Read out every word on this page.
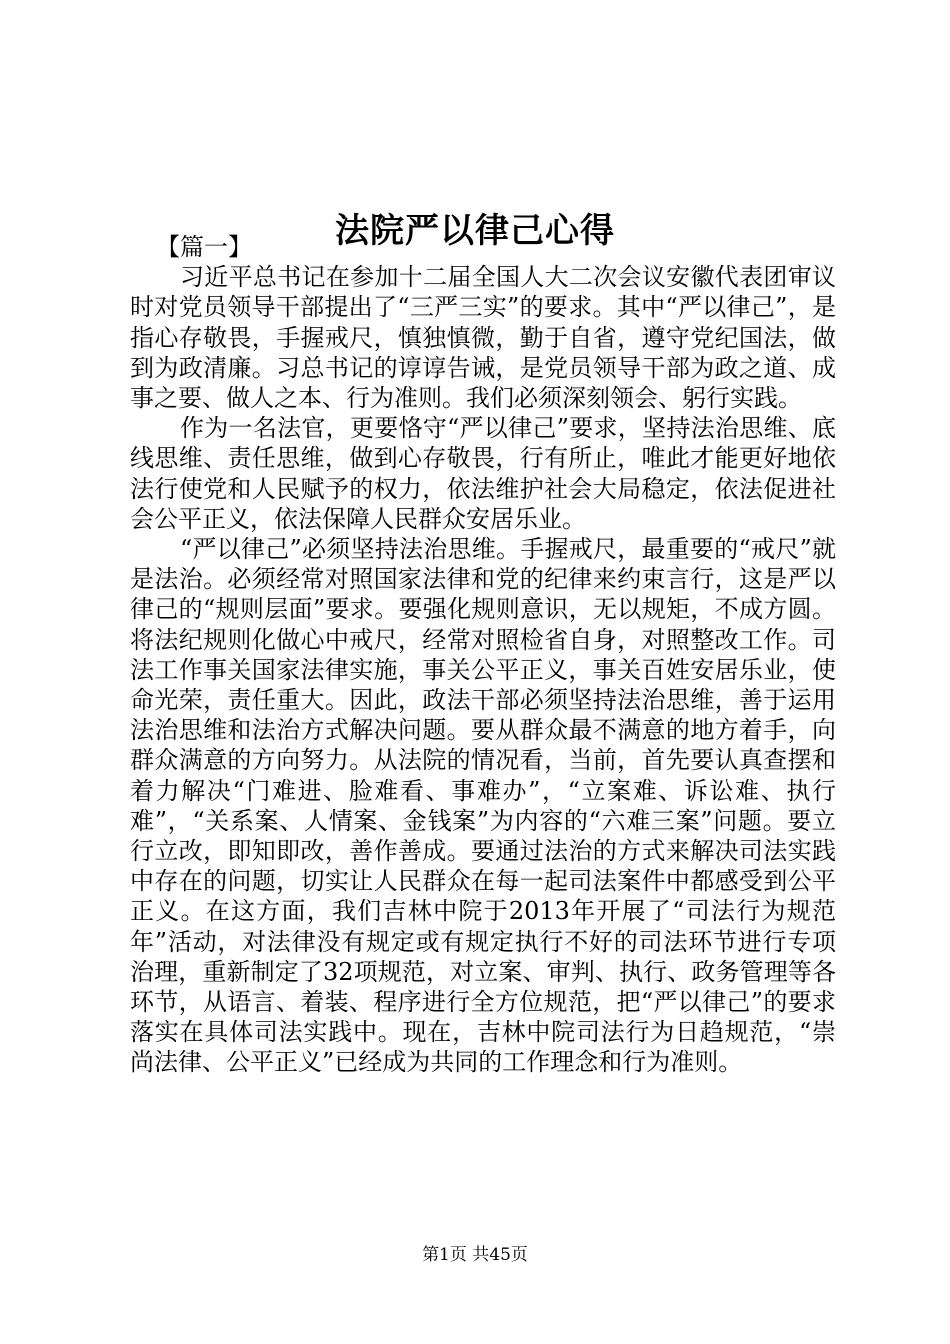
法院严以律己心得

【篇一】

习近平总书记在参加十二届全国人大二次会议安徽代表团审议时对党员领导干部提出了“三严三实”的要求。其中“严以律己”，是指心存敬畏，手握戒尺，慎独慎微，勤于自省，遵守党纪国法，做到为政清廉。习总书记的谆谆告诫，是党员领导干部为政之道、成事之要、做人之本、行为准则。我们必须深刻领会、躬行实践。

作为一名法官，更要恪守“严以律己”要求，坚持法治思维、底线思维、责任思维，做到心存敬畏，行有所止，唯此才能更好地依法行使党和人民赋予的权力，依法维护社会大局稳定，依法促进社会公平正义，依法保障人民群众安居乐业。

“严以律己”必须坚持法治思维。手握戒尺，最重要的“戒尺”就是法治。必须经常对照国家法律和党的纪律来约束言行，这是严以律己的“规则层面”要求。要强化规则意识，无以规矩，不成方圆。将法纪规则化做心中戒尺，经常对照检省自身，对照整改工作。司法工作事关国家法律实施，事关公平正义，事关百姓安居乐业，使命光荣，责任重大。因此，政法干部必须坚持法治思维，善于运用法治思维和法治方式解决问题。要从群众最不满意的地方着手，向群众满意的方向努力。从法院的情况看，当前，首先要认真查摆和着力解决“门难进、脸难看、事难办”，“立案难、诉讼难、执行难”，“关系案、人情案、金钱案”为内容的“六难三案”问题。要立行立改，即知即改，善作善成。要通过法治的方式来解决司法实践中存在的问题，切实让人民群众在每一起司法案件中都感受到公平正义。在这方面，我们吉林中院于2013年开展了“司法行为规范年”活动，对法律没有规定或有规定执行不好的司法环节进行专项治理，重新制定了32项规范，对立案、审判、执行、政务管理等各环节，从语言、着装、程序进行全方位规范，把“严以律己”的要求落实在具体司法实践中。现在，吉林中院司法行为日趋规范，“崇尚法律、公平正义”已经成为共同的工作理念和行为准则。

第1页 共45页
